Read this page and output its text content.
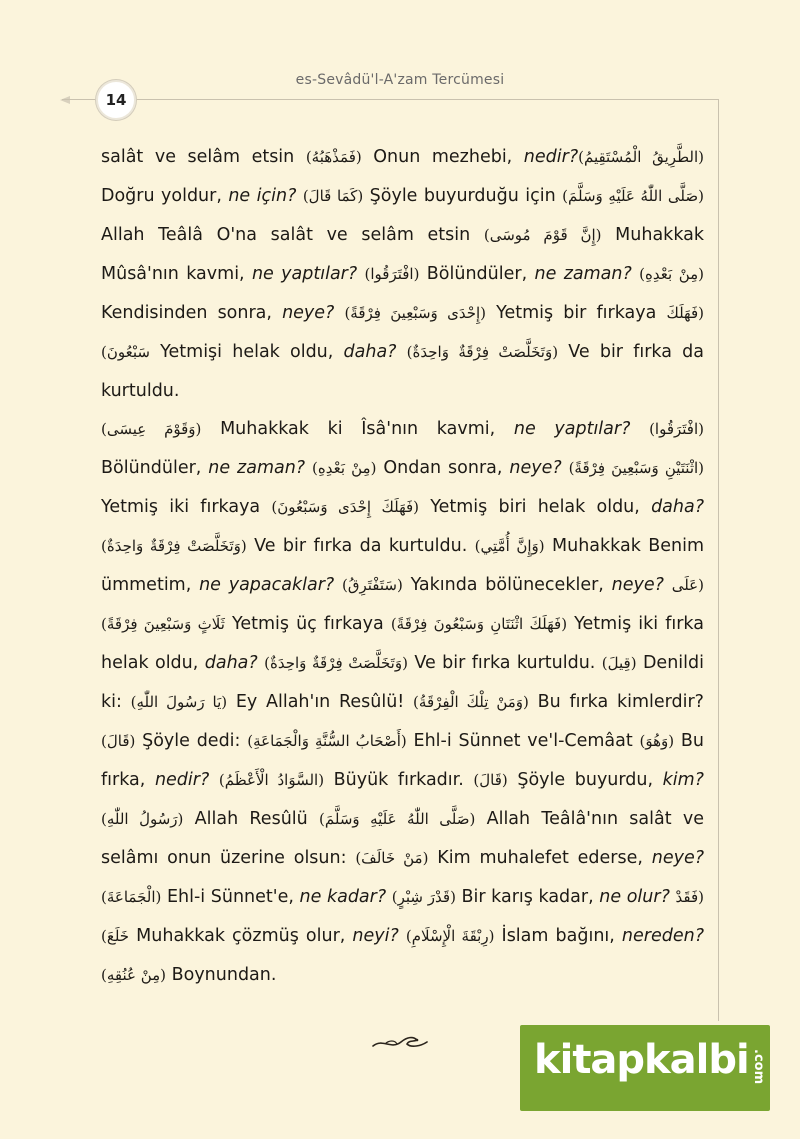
es-Sevâdü'l-A'zam Tercümesi
14

salât ve selâm etsin (فَمَذْهَبُهُ) Onun mezhebi, nedir?(الطَّرِيقُ الْمُسْتَقِيمُ) Doğru yoldur, ne için? (كَمَا قَالَ) Şöyle buyurduğu için (صَلَّى اللّٰهُ عَلَيْهِ وَسَلَّمَ) Allah Teâlâ O'na salât ve selâm etsin (إِنَّ قَوْمَ مُوسَى) Muhakkak Mûsâ'nın kavmi, ne yaptılar? (افْتَرَقُوا) Bölündüler, ne zaman? (مِنْ بَعْدِهِ) Kendisinden sonra, neye? (إِحْدَى وَسَبْعِينَ فِرْقَةً) Yetmiş bir fırkaya (فَهَلَكَ سَبْعُونَ) Yetmişi helak oldu, daha? (وَتَخَلَّصَتْ فِرْقَةٌ وَاحِدَةٌ) Ve bir fırka da kurtuldu.

(وَقَوْمَ عِيسَى) Muhakkak ki Îsâ'nın kavmi, ne yaptılar? (افْتَرَقُوا) Bölündüler, ne zaman? (مِنْ بَعْدِهِ) Ondan sonra, neye? (اثْنَتَيْنِ وَسَبْعِينَ فِرْقَةً) Yetmiş iki fırkaya (فَهَلَكَ إِحْدَى وَسَبْعُونَ) Yetmiş biri helak oldu, daha? (وَتَخَلَّصَتْ فِرْقَةٌ وَاحِدَةٌ) Ve bir fırka da kurtuldu. (وَإِنَّ أُمَّتِي) Muhakkak Benim ümmetim, ne yapacaklar? (سَتَفْتَرِقُ) Yakında bölünecekler, neye? (عَلَى ثَلَاثٍ وَسَبْعِينَ فِرْقَةً) Yetmiş üç fırkaya (فَهَلَكَ اثْنَتَانِ وَسَبْعُونَ فِرْقَةً) Yetmiş iki fırka helak oldu, daha? (وَتَخَلَّصَتْ فِرْقَةٌ وَاحِدَةٌ) Ve bir fırka kurtuldu. (قِيلَ) Denildi ki: (يَا رَسُولَ اللّٰهِ) Ey Allah'ın Resûlü! (وَمَنْ تِلْكَ الْفِرْقَةُ) Bu fırka kimlerdir? (قَالَ) Şöyle dedi: (أَصْحَابُ السُّنَّةِ وَالْجَمَاعَةِ) Ehl-i Sünnet ve'l-Cemâat (وَهُوَ) Bu fırka, nedir? (السَّوَادُ الْأَعْظَمُ) Büyük fırkadır. (قَالَ) Şöyle buyurdu, kim? (رَسُولُ اللّٰهِ) Allah Resûlü (صَلَّى اللّٰهُ عَلَيْهِ وَسَلَّمَ) Allah Teâlâ'nın salât ve selâmı onun üzerine olsun: (مَنْ خَالَفَ) Kim muhalefet ederse, neye? (الْجَمَاعَةَ) Ehl-i Sünnet'e, ne kadar? (قَدْرَ شِبْرٍ) Bir karış kadar, ne olur? (فَقَدْ خَلَعَ) Muhakkak çözmüş olur, neyi? (رِبْقَةَ الْإِسْلَامِ) İslam bağını, nereden? (مِنْ عُنُقِهِ) Boynundan.

kitapkalbi .com
